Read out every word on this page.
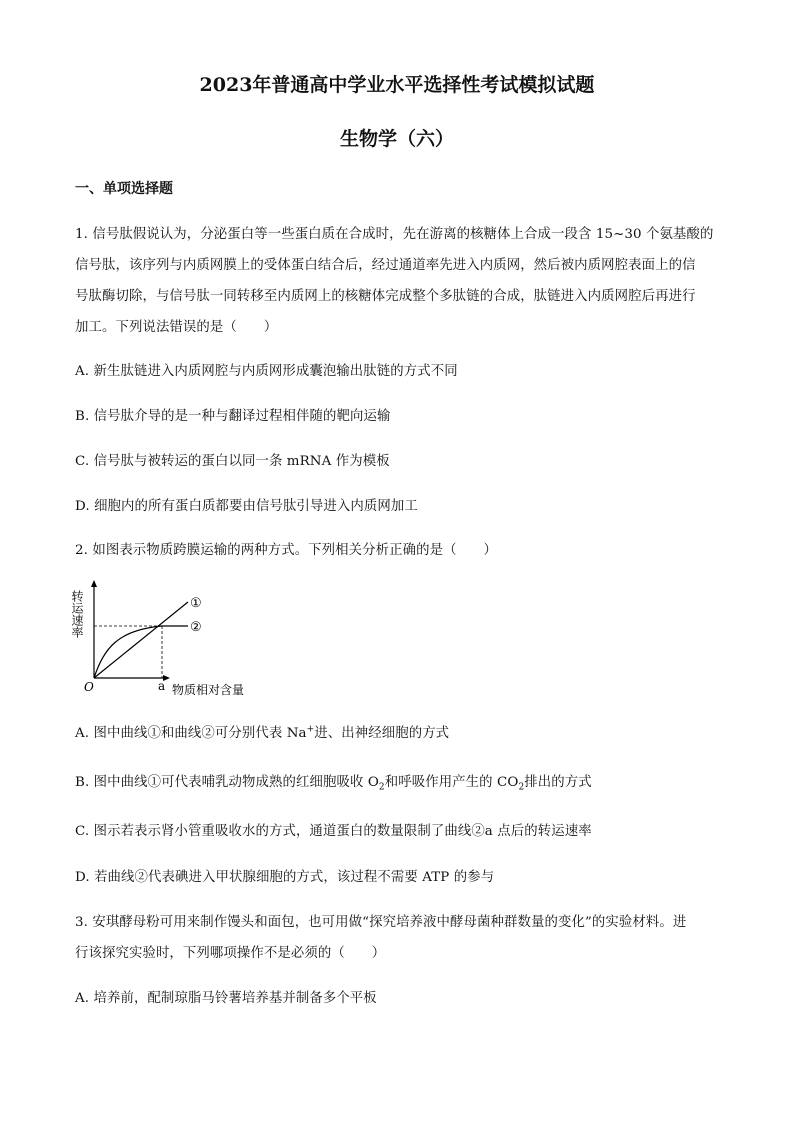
2023年普通高中学业水平选择性考试模拟试题
生物学（六）
一、单项选择题
1. 信号肽假说认为，分泌蛋白等一些蛋白质在合成时，先在游离的核糖体上合成一段含 15~30 个氨基酸的
信号肽，该序列与内质网膜上的受体蛋白结合后，经过通道率先进入内质网，然后被内质网腔表面上的信
号肽酶切除，与信号肽一同转移至内质网上的核糖体完成整个多肽链的合成，肽链进入内质网腔后再进行
加工。下列说法错误的是（　　）
A. 新生肽链进入内质网腔与内质网形成囊泡输出肽链的方式不同
B. 信号肽介导的是一种与翻译过程相伴随的靶向运输
C. 信号肽与被转运的蛋白以同一条 mRNA 作为模板
D. 细胞内的所有蛋白质都要由信号肽引导进入内质网加工
2. 如图表示物质跨膜运输的两种方式。下列相关分析正确的是（　　）
转运速率
O	a 物质相对含量
①
②
A. 图中曲线①和曲线②可分别代表 Na+进、出神经细胞的方式
B. 图中曲线①可代表哺乳动物成熟的红细胞吸收 $O_2$和呼吸作用产生的 $CO_2$排出的方式
C. 图示若表示肾小管重吸收水的方式，通道蛋白的数量限制了曲线②a 点后的转运速率
D. 若曲线②代表碘进入甲状腺细胞的方式，该过程不需要 ATP 的参与
3. 安琪酵母粉可用来制作馒头和面包，也可用做“探究培养液中酵母菌种群数量的变化”的实验材料。进
行该探究实验时，下列哪项操作不是必须的（　　）
A. 培养前，配制琼脂马铃薯培养基并制备多个平板
